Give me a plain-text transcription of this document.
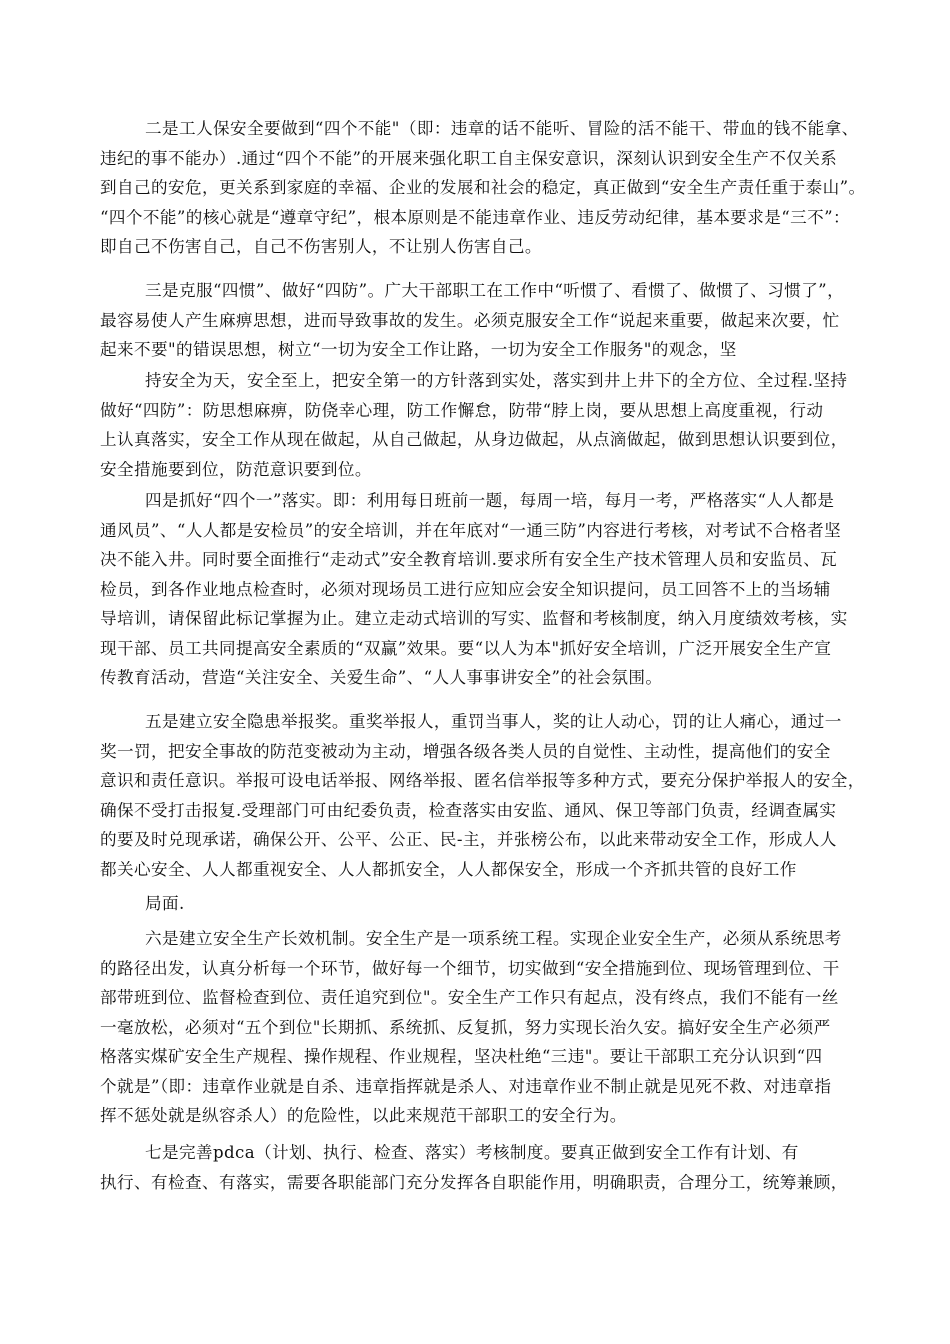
二是工人保安全要做到“四个不能"（即：违章的话不能听、冒险的活不能干、带血的钱不能拿、
违纪的事不能办）.通过“四个不能”的开展来强化职工自主保安意识，深刻认识到安全生产不仅关系
到自己的安危，更关系到家庭的幸福、企业的发展和社会的稳定，真正做到“安全生产责任重于泰山”。
“四个不能”的核心就是“遵章守纪”，根本原则是不能违章作业、违反劳动纪律，基本要求是“三不”：
即自己不伤害自己，自己不伤害别人，不让别人伤害自己。
三是克服“四惯”、做好“四防”。广大干部职工在工作中“听惯了、看惯了、做惯了、习惯了”，
最容易使人产生麻痹思想，进而导致事故的发生。必须克服安全工作“说起来重要，做起来次要，忙
起来不要"的错误思想，树立“一切为安全工作让路，一切为安全工作服务"的观念，坚
持安全为天，安全至上，把安全第一的方针落到实处，落实到井上井下的全方位、全过程.坚持
做好“四防”：防思想麻痹，防侥幸心理，防工作懈怠，防带“脖上岗，要从思想上高度重视，行动
上认真落实，安全工作从现在做起，从自己做起，从身边做起，从点滴做起，做到思想认识要到位，
安全措施要到位，防范意识要到位。
四是抓好“四个一”落实。即：利用每日班前一题，每周一培，每月一考，严格落实“人人都是
通风员”、“人人都是安检员”的安全培训，并在年底对“一通三防”内容进行考核，对考试不合格者坚
决不能入井。同时要全面推行“走动式”安全教育培训.要求所有安全生产技术管理人员和安监员、瓦
检员，到各作业地点检查时，必须对现场员工进行应知应会安全知识提问，员工回答不上的当场辅
导培训，请保留此标记掌握为止。建立走动式培训的写实、监督和考核制度，纳入月度绩效考核，实
现干部、员工共同提高安全素质的“双赢”效果。要“以人为本"抓好安全培训，广泛开展安全生产宣
传教育活动，营造“关注安全、关爱生命”、“人人事事讲安全”的社会氛围。
五是建立安全隐患举报奖。重奖举报人，重罚当事人，奖的让人动心，罚的让人痛心，通过一
奖一罚，把安全事故的防范变被动为主动，增强各级各类人员的自觉性、主动性，提高他们的安全
意识和责任意识。举报可设电话举报、网络举报、匿名信举报等多种方式，要充分保护举报人的安全，
确保不受打击报复.受理部门可由纪委负责，检查落实由安监、通风、保卫等部门负责，经调查属实
的要及时兑现承诺，确保公开、公平、公正、民-主，并张榜公布，以此来带动安全工作，形成人人
都关心安全、人人都重视安全、人人都抓安全，人人都保安全，形成一个齐抓共管的良好工作
局面.
六是建立安全生产长效机制。安全生产是一项系统工程。实现企业安全生产，必须从系统思考
的路径出发，认真分析每一个环节，做好每一个细节，切实做到“安全措施到位、现场管理到位、干
部带班到位、监督检查到位、责任追究到位"。安全生产工作只有起点，没有终点，我们不能有一丝
一毫放松，必须对“五个到位"长期抓、系统抓、反复抓，努力实现长治久安。搞好安全生产必须严
格落实煤矿安全生产规程、操作规程、作业规程，坚决杜绝“三违"。要让干部职工充分认识到“四
个就是”（即：违章作业就是自杀、违章指挥就是杀人、对违章作业不制止就是见死不救、对违章指
挥不惩处就是纵容杀人）的危险性，以此来规范干部职工的安全行为。
七是完善pdca（计划、执行、检查、落实）考核制度。要真正做到安全工作有计划、有
执行、有检查、有落实，需要各职能部门充分发挥各自职能作用，明确职责，合理分工，统筹兼顾，
